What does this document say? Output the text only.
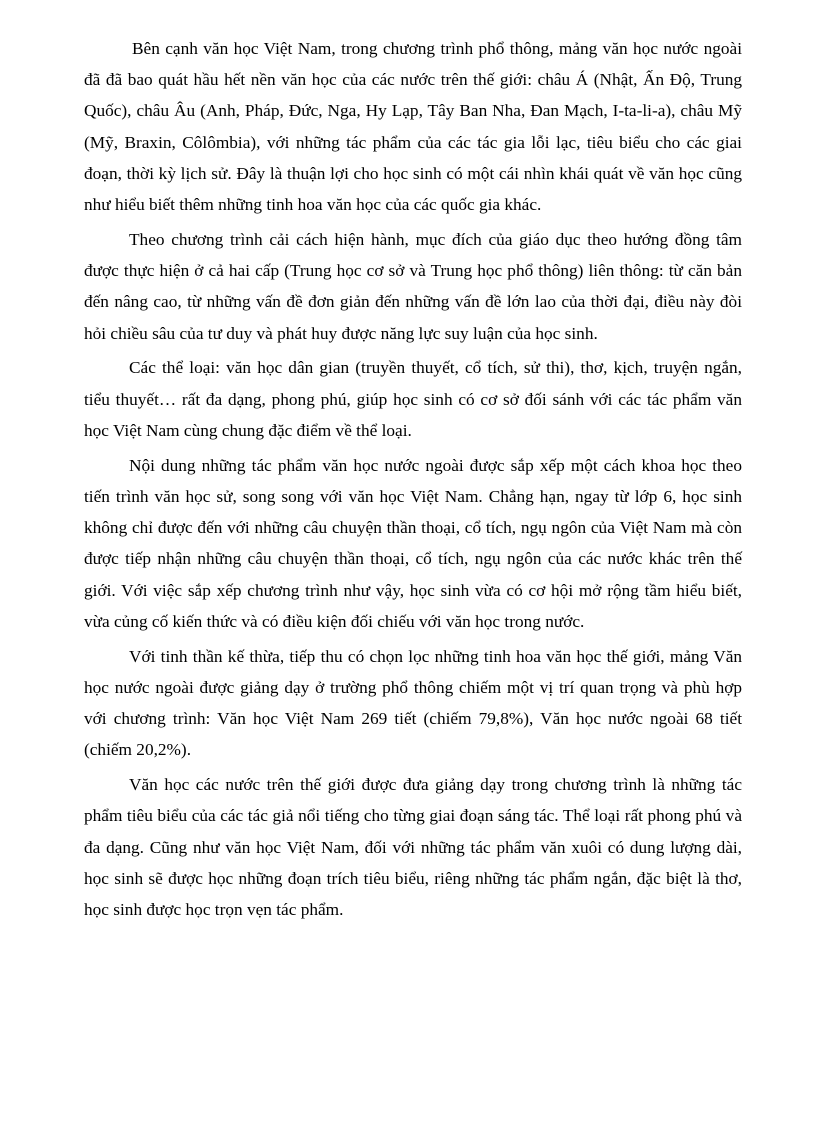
Bên cạnh văn học Việt Nam, trong chương trình phổ thông, mảng văn học nước ngoài đã đã bao quát hầu hết nền văn học của các nước trên thế giới: châu Á (Nhật, Ấn Độ, Trung Quốc), châu Âu (Anh, Pháp, Đức, Nga, Hy Lạp, Tây Ban Nha, Đan Mạch, I-ta-li-a), châu Mỹ (Mỹ, Braxin, Côlômbia), với những tác phẩm của các tác gia lỗi lạc, tiêu biểu cho các giai đoạn, thời kỳ lịch sử. Đây là thuận lợi cho học sinh có một cái nhìn khái quát về văn học cũng như hiểu biết thêm những tinh hoa văn học của các quốc gia khác.

Theo chương trình cải cách hiện hành, mục đích của giáo dục theo hướng đồng tâm được thực hiện ở cả hai cấp (Trung học cơ sở và Trung học phổ thông) liên thông: từ căn bản đến nâng cao, từ những vấn đề đơn giản đến những vấn đề lớn lao của thời đại, điều này đòi hỏi chiều sâu của tư duy và phát huy được năng lực suy luận của học sinh.

Các thể loại: văn học dân gian (truyền thuyết, cổ tích, sử thi), thơ, kịch, truyện ngắn, tiểu thuyết… rất đa dạng, phong phú, giúp học sinh có cơ sở đối sánh với các tác phẩm văn học Việt Nam cùng chung đặc điểm về thể loại.

Nội dung những tác phẩm văn học nước ngoài được sắp xếp một cách khoa học theo tiến trình văn học sử, song song với văn học Việt Nam. Chẳng hạn, ngay từ lớp 6, học sinh không chỉ được đến với những câu chuyện thần thoại, cổ tích, ngụ ngôn của Việt Nam mà còn được tiếp nhận những câu chuyện thần thoại, cổ tích, ngụ ngôn của các nước khác trên thế giới. Với việc sắp xếp chương trình như vậy, học sinh vừa có cơ hội mở rộng tầm hiểu biết, vừa củng cố kiến thức và có điều kiện đối chiếu với văn học trong nước.

Với tinh thần kế thừa, tiếp thu có chọn lọc những tinh hoa văn học thế giới, mảng Văn học nước ngoài được giảng dạy ở trường phổ thông chiếm một vị trí quan trọng và phù hợp với chương trình: Văn học Việt Nam 269 tiết (chiếm 79,8%), Văn học nước ngoài 68 tiết (chiếm 20,2%).

Văn học các nước trên thế giới được đưa giảng dạy trong chương trình là những tác phẩm tiêu biểu của các tác giả nổi tiếng cho từng giai đoạn sáng tác. Thể loại rất phong phú và đa dạng. Cũng như văn học Việt Nam, đối với những tác phẩm văn xuôi có dung lượng dài, học sinh sẽ được học những đoạn trích tiêu biểu, riêng những tác phẩm ngắn, đặc biệt là thơ, học sinh được học trọn vẹn tác phẩm.
